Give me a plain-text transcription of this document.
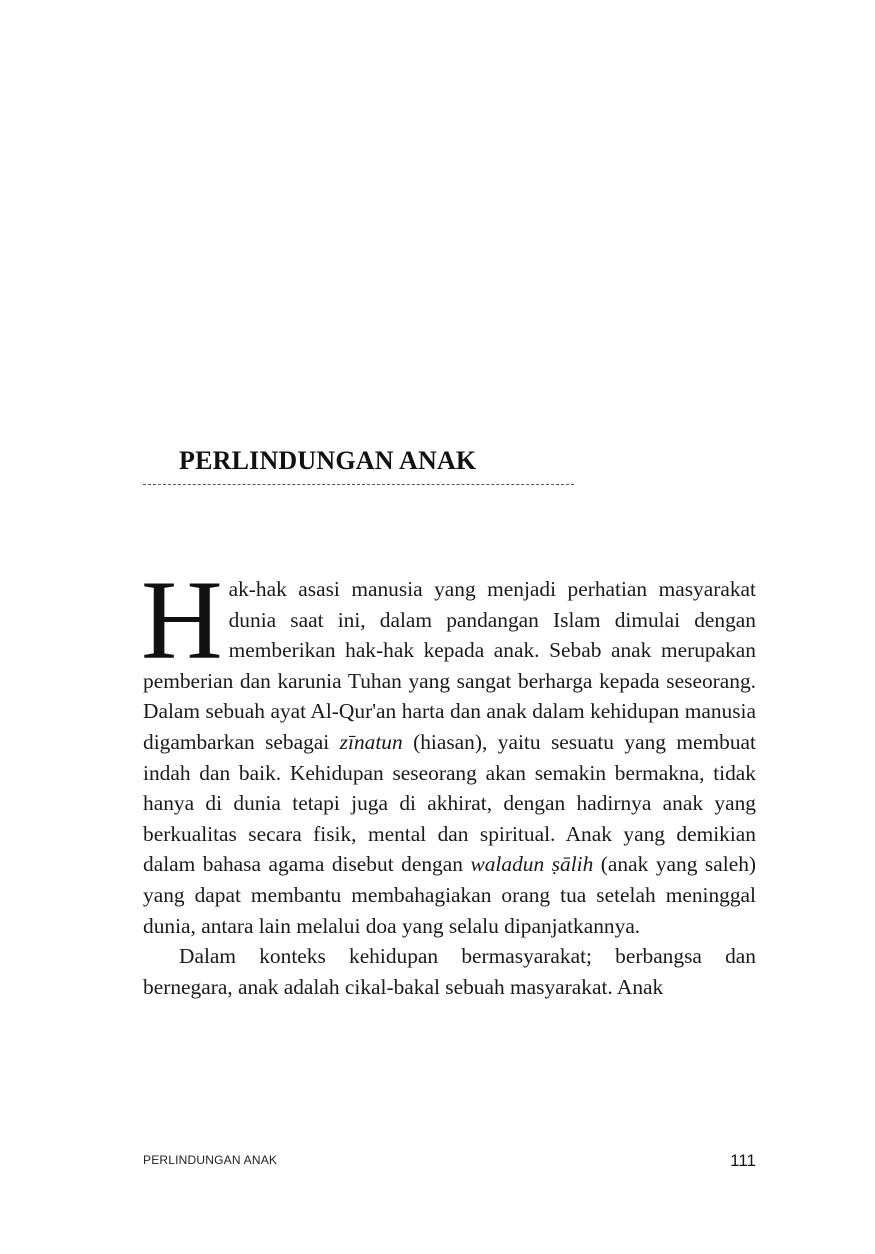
PERLINDUNGAN ANAK

Hak-hak asasi manusia yang menjadi perhatian masyarakat dunia saat ini, dalam pandangan Islam dimulai dengan memberikan hak-hak kepada anak. Sebab anak merupakan pemberian dan karunia Tuhan yang sangat berharga kepada seseorang. Dalam sebuah ayat Al-Qur'an harta dan anak dalam kehidupan manusia digambarkan sebagai zīnatun (hiasan), yaitu sesuatu yang membuat indah dan baik. Kehidupan seseorang akan semakin bermakna, tidak hanya di dunia tetapi juga di akhirat, dengan hadirnya anak yang berkualitas secara fisik, mental dan spiritual. Anak yang demikian dalam bahasa agama disebut dengan waladun ṣālih (anak yang saleh) yang dapat membantu membahagiakan orang tua setelah meninggal dunia, antara lain melalui doa yang selalu dipanjatkannya.

Dalam konteks kehidupan bermasyarakat; berbangsa dan bernegara, anak adalah cikal-bakal sebuah masyarakat. Anak

PERLINDUNGAN ANAK	111
